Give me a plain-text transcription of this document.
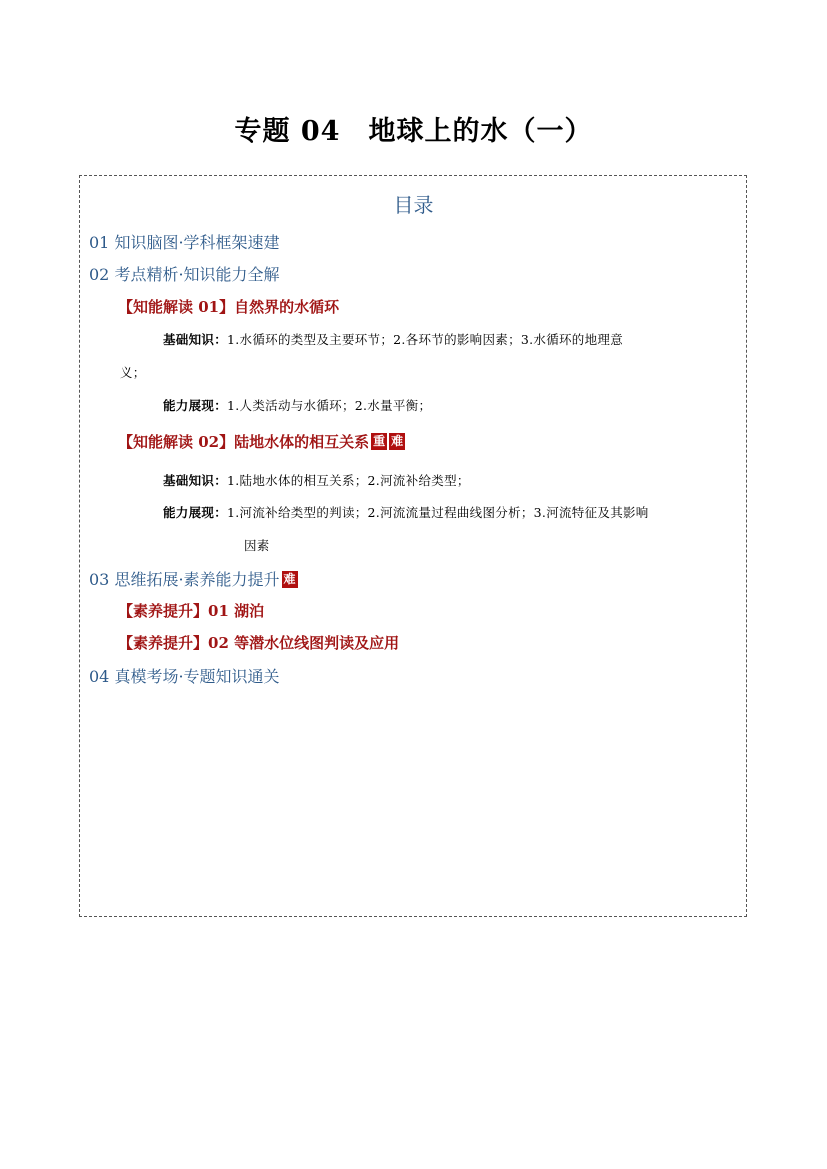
专题 04　地球上的水（一）
目录
01 知识脑图·学科框架速建
02 考点精析·知识能力全解
【知能解读 01】自然界的水循环
基础知识：1.水循环的类型及主要环节；2.各环节的影响因素；3.水循环的地理意
义；
能力展现：1.人类活动与水循环；2.水量平衡；
【知能解读 02】陆地水体的相互关系 重 难
基础知识：1.陆地水体的相互关系；2.河流补给类型；
能力展现：1.河流补给类型的判读；2.河流流量过程曲线图分析；3.河流特征及其影响
因素
03 思维拓展·素养能力提升 难
【素养提升】01 湖泊
【素养提升】02 等潜水位线图判读及应用
04 真模考场·专题知识通关
